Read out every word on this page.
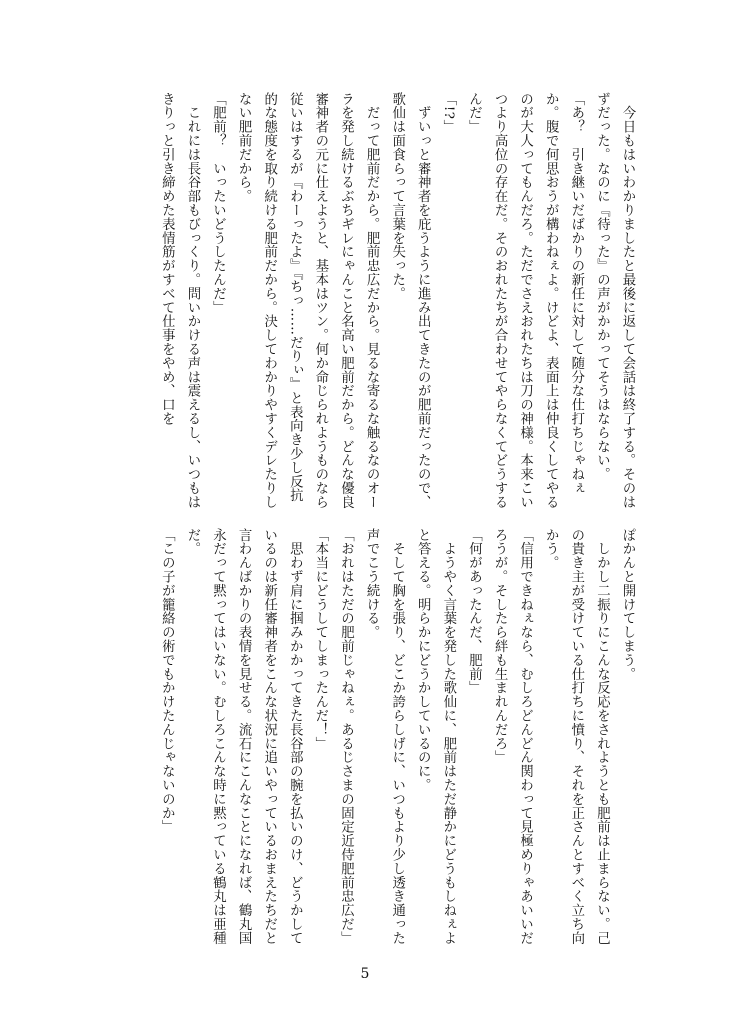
　今日もはいわかりましたと最後に返して会話は終了する。そのはずだった。なのに『待った』の声がかかってそうはならない。

「あ？　引き継いだばかりの新任に対して随分な仕打ちじゃねぇか。腹で何思おうが構わねぇよ。けどよ、表面上は仲良くしてやるのが大人ってもんだろ。ただでさえおれたちは刀の神様。本来こいつより高位の存在だ。そのおれたちが合わせてやらなくてどうするんだ」

「!?」

　ずいっと審神者を庇うように進み出てきたのが肥前だったので、歌仙は面食らって言葉を失った。

　だって肥前だから。肥前忠広だから。見るな寄るな触るなのオーラを発し続けるぶちギレにゃんこと名高い肥前だから。どんな優良審神者の元に仕えようと、基本はツン。何か命じられようものなら従いはするが『わーったよ』『ちっ……だりぃ』と表向き少し反抗的な態度を取り続ける肥前だから。決してわかりやすくデレたりしない肥前だから。

「肥前？　いったいどうしたんだ」

　これには長谷部もびっくり。問いかける声は震えるし、いつもはきりっと引き締めた表情筋がすべて仕事をやめ、口を

ぽかんと開けてしまう。

　しかし二振りにこんな反応をされようとも肥前は止まらない。己の貴き主が受けている仕打ちに憤り、それを正さんとすべく立ち向かう。

「信用できねぇなら、むしろどんどん関わって見極めりゃあいいだろうが。そしたら絆も生まれんだろ」

「何があったんだ、肥前」

　ようやく言葉を発した歌仙に、肥前はただ静かにどうもしねぇよと答える。明らかにどうかしているのに。

　そして胸を張り、どこか誇らしげに、いつもより少し透き通った声でこう続ける。

「おれはただの肥前じゃねぇ。あるじさまの固定近侍肥前忠広だ」

「本当にどうしてしまったんだ！」

　思わず肩に掴みかかってきた長谷部の腕を払いのけ、どうかしているのは新任審神者をこんな状況に追いやっているおまえたちだと言わんばかりの表情を見せる。流石にこんなことになれば、鶴丸国永だって黙ってはいない。むしろこんな時に黙っている鶴丸は亜種だ。

「この子が籠絡の術でもかけたんじゃないのか」

5
